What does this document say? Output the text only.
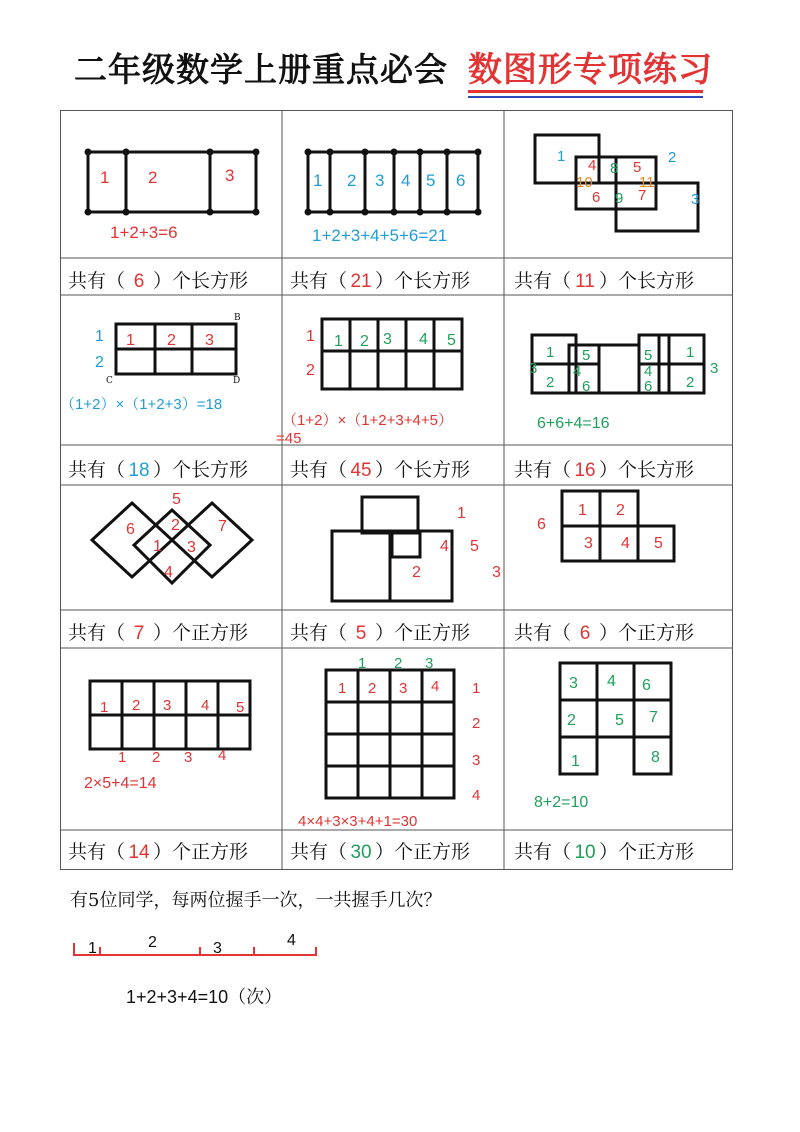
二年级数学上册重点必会 数图形专项练习
1 2	3
1+2+3=6
1 2 3 4 5 6
1+2+3+4+5+6=21
1	2
3
4 5
6	7
8
9
10	11
B
C	D
1
2
1 2 3
（1+2）×（1+2+3）=18
1
2
1 2 3 4 5
（1+2）×（1+2+3+4+5）
=45
1
2
3 4
5
6
5
4
6
1
2
3
6+6+4=16
5
6 2 7
1 3
4
1
4 5
2	3
6
1 2
3 4 5
1 2 3 4 5
1 2 3 4
2×5+4=14
1 2 3
1 2 3 4 1
2
3
4
4×4+3×3+4+1=30
3 4 6
2 5 7
1	8
8+2=10
共有（ 6 ）个长方形 共有（ 21 ）个长方形 共有（ 11 ）个长方形
共有（ 18 ）个长方形 共有（ 45 ）个长方形 共有（ 16 ）个长方形
共有（ 7 ）个正方形 共有（ 5 ）个正方形 共有（ 6 ）个正方形
共有（ 14 ）个正方形 共有（ 30 ）个正方形 共有（ 10 ）个正方形
有5位同学，每两位握手一次，一共握手几次？
1	2	3	4
1+2+3+4=10（次）
